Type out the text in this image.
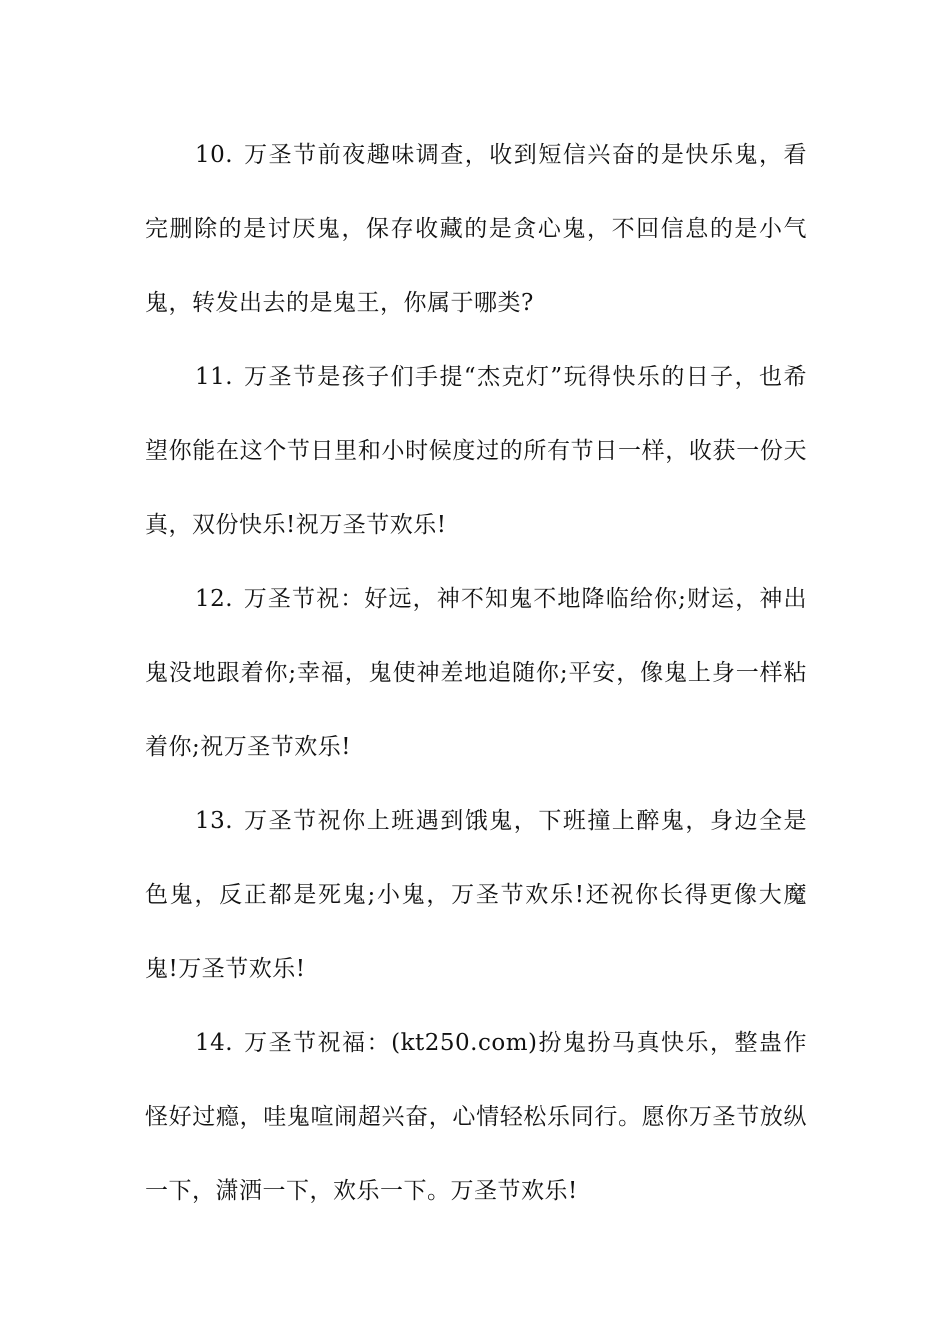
10. 万圣节前夜趣味调查，收到短信兴奋的是快乐鬼，看完删除的是讨厌鬼，保存收藏的是贪心鬼，不回信息的是小气鬼，转发出去的是鬼王，你属于哪类?

11. 万圣节是孩子们手提“杰克灯”玩得快乐的日子，也希望你能在这个节日里和小时候度过的所有节日一样，收获一份天真，双份快乐!祝万圣节欢乐!

12. 万圣节祝：好远，神不知鬼不地降临给你;财运，神出鬼没地跟着你;幸福，鬼使神差地追随你;平安，像鬼上身一样粘着你;祝万圣节欢乐!

13. 万圣节祝你上班遇到饿鬼，下班撞上醉鬼，身边全是色鬼，反正都是死鬼;小鬼，万圣节欢乐!还祝你长得更像大魔鬼!万圣节欢乐!

14. 万圣节祝福：(kt250.com)扮鬼扮马真快乐，整蛊作怪好过瘾，哇鬼喧闹超兴奋，心情轻松乐同行。愿你万圣节放纵一下，潇洒一下，欢乐一下。万圣节欢乐!
